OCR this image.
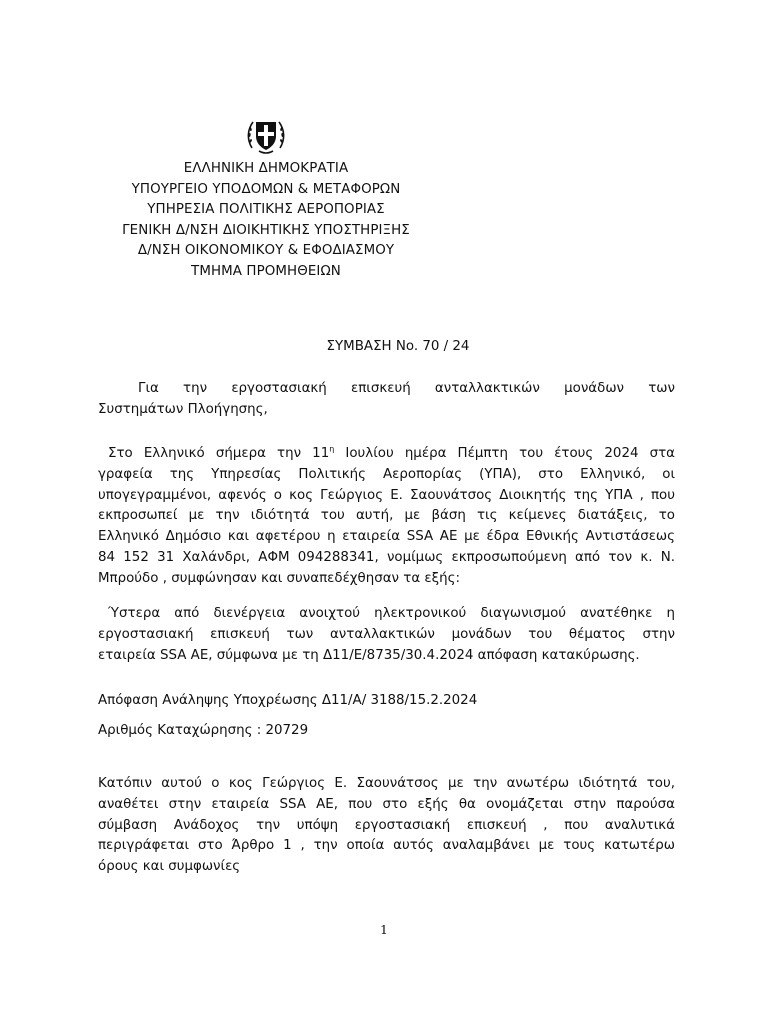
ΕΛΛΗΝΙΚΗ ΔΗΜΟΚΡΑΤΙΑ
ΥΠΟΥΡΓΕΙΟ ΥΠΟΔΟΜΩΝ & ΜΕΤΑΦΟΡΩΝ
ΥΠΗΡΕΣΙΑ ΠΟΛΙΤΙΚΗΣ ΑΕΡΟΠΟΡΙΑΣ
ΓΕΝΙΚΗ Δ/ΝΣΗ ΔΙΟΙΚΗΤΙΚΗΣ ΥΠΟΣΤΗΡΙΞΗΣ
Δ/ΝΣΗ ΟΙΚΟΝΟΜΙΚΟΥ & ΕΦΟΔΙΑΣΜΟΥ
ΤΜΗΜΑ ΠΡΟΜΗΘΕΙΩΝ
ΣΥΜΒΑΣΗ No. 70 / 24
Για την εργοστασιακή επισκευή ανταλλακτικών μονάδων των
Συστημάτων Πλοήγησης,
Στο Ελληνικό σήμερα την $11^\eta$ Ιουλίου ημέρα Πέμπτη του έτους 2024 στα
γραφεία της Υπηρεσίας Πολιτικής Αεροπορίας (ΥΠΑ), στο Ελληνικό, οι
υπογεγραμμένοι, αφενός ο κος Γεώργιος Ε. Σαουνάτσος Διοικητής της ΥΠΑ , που
εκπροσωπεί με την ιδιότητά του αυτή, με βάση τις κείμενες διατάξεις, το
Ελληνικό Δημόσιο και αφετέρου η εταιρεία SSA AE με έδρα Εθνικής Αντιστάσεως
84 152 31 Χαλάνδρι, ΑΦΜ 094288341, νομίμως εκπροσωπούμενη από τον κ. Ν.
Μπρούδο , συμφώνησαν και συναπεδέχθησαν τα εξής:
Ύστερα από διενέργεια ανοιχτού ηλεκτρονικού διαγωνισμού ανατέθηκε η
εργοστασιακή επισκευή των ανταλλακτικών μονάδων του θέματος στην
εταιρεία SSA AE, σύμφωνα με τη Δ11/Ε/8735/30.4.2024 απόφαση κατακύρωσης.
Απόφαση Ανάληψης Υποχρέωσης Δ11/Α/ 3188/15.2.2024
Αριθμός Καταχώρησης : 20729
Κατόπιν αυτού ο κος Γεώργιος Ε. Σαουνάτσος με την ανωτέρω ιδιότητά του,
αναθέτει στην εταιρεία SSA AE, που στο εξής θα ονομάζεται στην παρούσα
σύμβαση Ανάδοχος την υπόψη εργοστασιακή επισκευή , που αναλυτικά
περιγράφεται στο Άρθρο 1 , την οποία αυτός αναλαμβάνει με τους κατωτέρω
όρους και συμφωνίες
1
